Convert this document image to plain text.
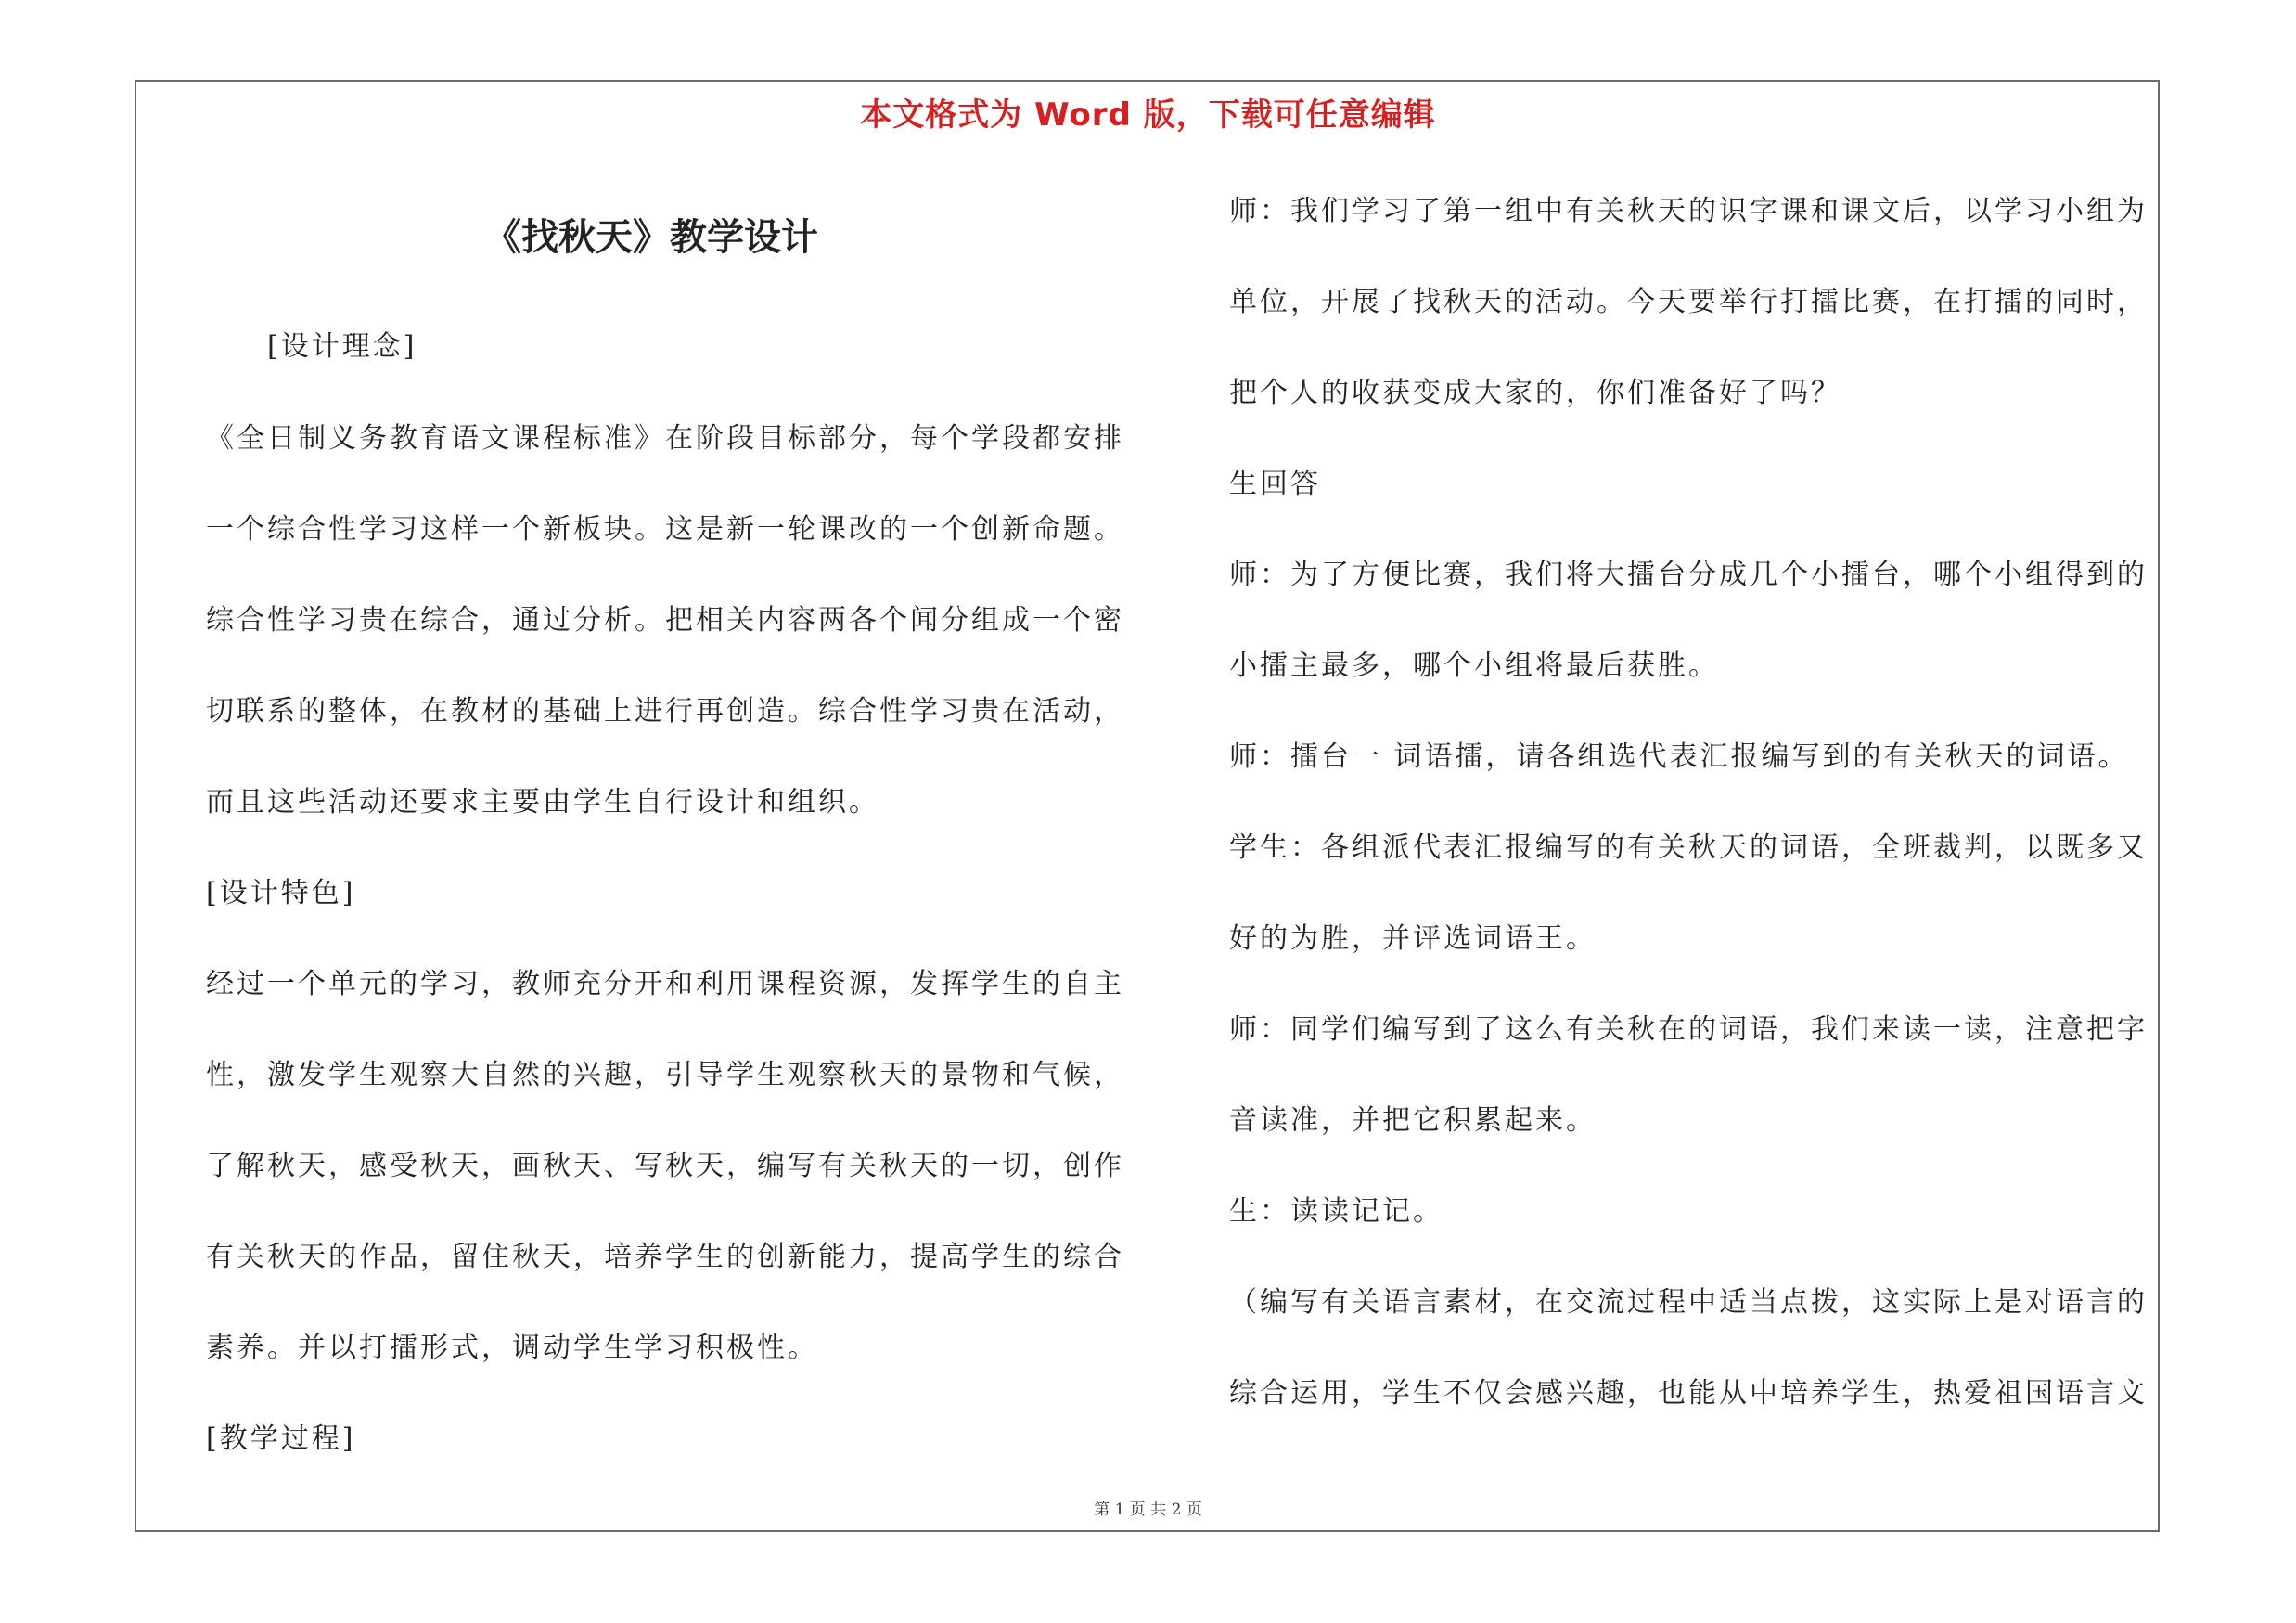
本文格式为 Word 版，下载可任意编辑
《找秋天》教学设计
[设计理念]
《全日制义务教育语文课程标准》在阶段目标部分，每个学段都安排
一个综合性学习这样一个新板块。这是新一轮课改的一个创新命题。
综合性学习贵在综合，通过分析。把相关内容两各个闻分组成一个密
切联系的整体，在教材的基础上进行再创造。综合性学习贵在活动，
而且这些活动还要求主要由学生自行设计和组织。
[设计特色]
经过一个单元的学习，教师充分开和利用课程资源，发挥学生的自主
性，激发学生观察大自然的兴趣，引导学生观察秋天的景物和气候，
了解秋天，感受秋天，画秋天、写秋天，编写有关秋天的一切，创作
有关秋天的作品，留住秋天，培养学生的创新能力，提高学生的综合
素养。并以打擂形式，调动学生学习积极性。
[教学过程]
师：我们学习了第一组中有关秋天的识字课和课文后，以学习小组为
单位，开展了找秋天的活动。今天要举行打擂比赛，在打擂的同时，
把个人的收获变成大家的，你们准备好了吗？
生回答
师：为了方便比赛，我们将大擂台分成几个小擂台，哪个小组得到的
小擂主最多，哪个小组将最后获胜。
师：擂台一 词语擂，请各组选代表汇报编写到的有关秋天的词语。
学生：各组派代表汇报编写的有关秋天的词语，全班裁判，以既多又
好的为胜，并评选词语王。
师：同学们编写到了这么有关秋在的词语，我们来读一读，注意把字
音读准，并把它积累起来。
生：读读记记。
（编写有关语言素材，在交流过程中适当点拨，这实际上是对语言的
综合运用，学生不仅会感兴趣，也能从中培养学生，热爱祖国语言文
第 1 页 共 2 页
